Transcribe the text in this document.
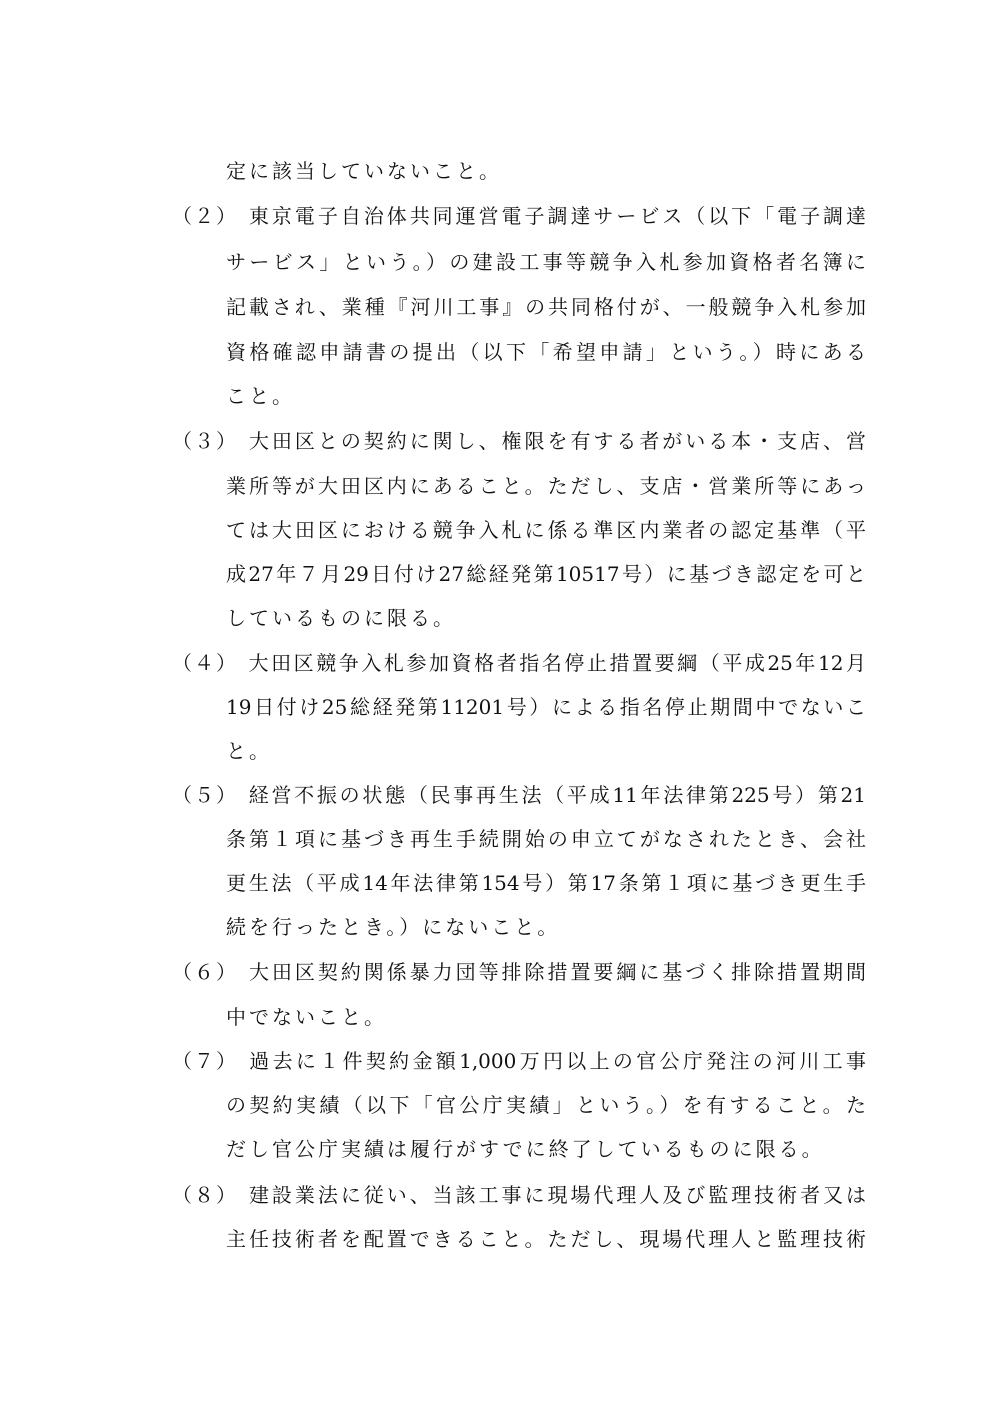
定に該当していないこと。
（２）
　東京電子自治体共同運営電子調達サービス（以下「電子調達
サービス」という。）の建設工事等競争入札参加資格者名簿に
記載され、業種『河川工事』の共同格付が、一般競争入札参加
資格確認申請書の提出（以下「希望申請」という。）時にある
こと。
（３）
　大田区との契約に関し、権限を有する者がいる本・支店、営
業所等が大田区内にあること。ただし、支店・営業所等にあっ
ては大田区における競争入札に係る準区内業者の認定基準（平
成27年７月29日付け27総経発第10517号）に基づき認定を可と
しているものに限る。
（４）
　大田区競争入札参加資格者指名停止措置要綱（平成25年12月
19日付け25総経発第11201号）による指名停止期間中でないこ
と。
（５）
　経営不振の状態（民事再生法（平成11年法律第225号）第21
条第１項に基づき再生手続開始の申立てがなされたとき、会社
更生法（平成14年法律第154号）第17条第１項に基づき更生手
続を行ったとき。）にないこと。
（６）
　大田区契約関係暴力団等排除措置要綱に基づく排除措置期間
中でないこと。
（７）
　過去に１件契約金額1,000万円以上の官公庁発注の河川工事
の契約実績（以下「官公庁実績」という。）を有すること。た
だし官公庁実績は履行がすでに終了しているものに限る。
（８）
　建設業法に従い、当該工事に現場代理人及び監理技術者又は
主任技術者を配置できること。ただし、現場代理人と監理技術
